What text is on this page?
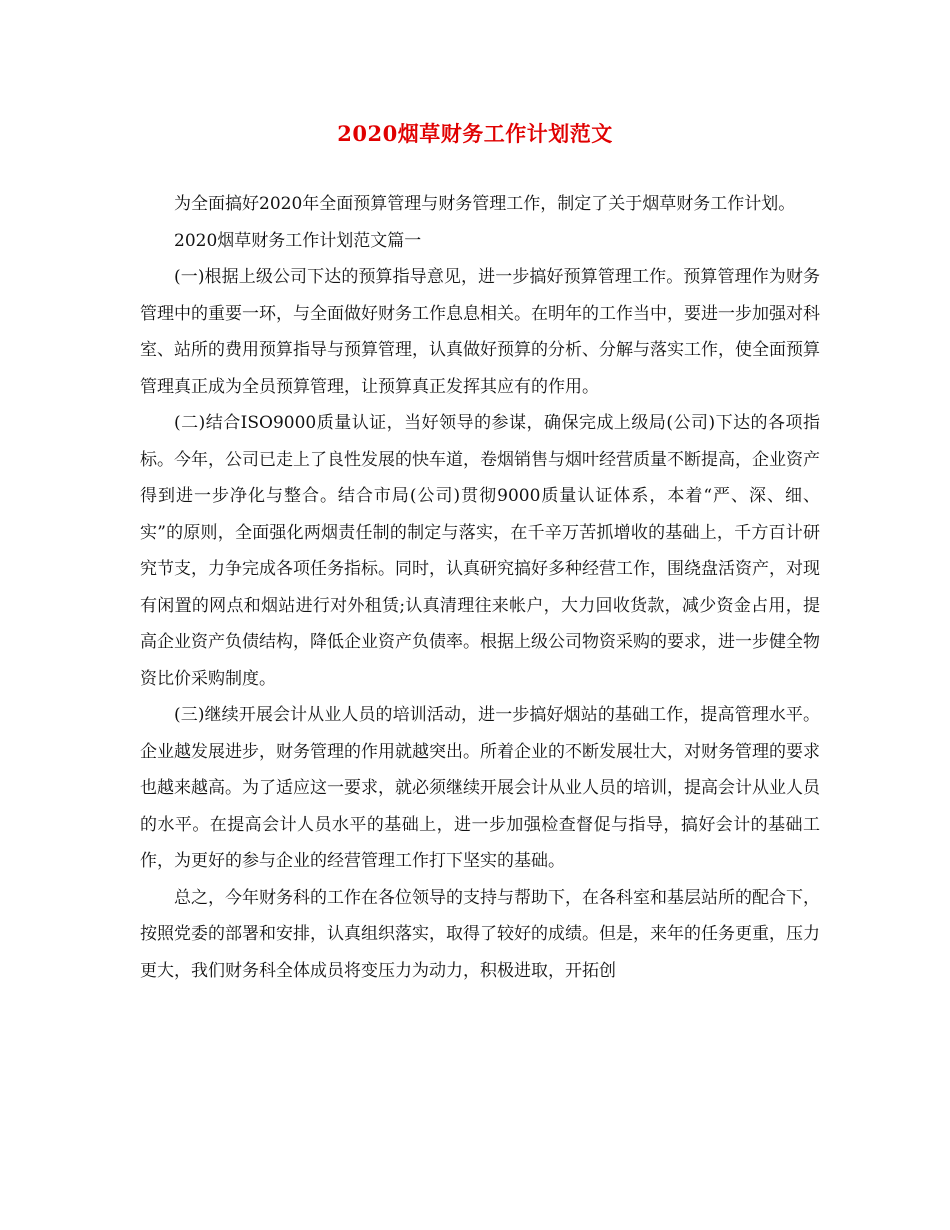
2020烟草财务工作计划范文

为全面搞好2020年全面预算管理与财务管理工作，制定了关于烟草财务工作计划。

2020烟草财务工作计划范文篇一

(一)根据上级公司下达的预算指导意见，进一步搞好预算管理工作。预算管理作为财务管理中的重要一环，与全面做好财务工作息息相关。在明年的工作当中，要进一步加强对科室、站所的费用预算指导与预算管理，认真做好预算的分析、分解与落实工作，使全面预算管理真正成为全员预算管理，让预算真正发挥其应有的作用。

(二)结合ISO9000质量认证，当好领导的参谋，确保完成上级局(公司)下达的各项指标。今年，公司已走上了良性发展的快车道，卷烟销售与烟叶经营质量不断提高，企业资产得到进一步净化与整合。结合市局(公司)贯彻9000质量认证体系，本着“严、深、细、实”的原则，全面强化两烟责任制的制定与落实，在千辛万苦抓增收的基础上，千方百计研究节支，力争完成各项任务指标。同时，认真研究搞好多种经营工作，围绕盘活资产，对现有闲置的网点和烟站进行对外租赁;认真清理往来帐户，大力回收货款，减少资金占用，提高企业资产负债结构，降低企业资产负债率。根据上级公司物资采购的要求，进一步健全物资比价采购制度。

(三)继续开展会计从业人员的培训活动，进一步搞好烟站的基础工作，提高管理水平。企业越发展进步，财务管理的作用就越突出。所着企业的不断发展壮大，对财务管理的要求也越来越高。为了适应这一要求，就必须继续开展会计从业人员的培训，提高会计从业人员的水平。在提高会计人员水平的基础上，进一步加强检查督促与指导，搞好会计的基础工作，为更好的参与企业的经营管理工作打下坚实的基础。

总之，今年财务科的工作在各位领导的支持与帮助下，在各科室和基层站所的配合下，按照党委的部署和安排，认真组织落实，取得了较好的成绩。但是，来年的任务更重，压力更大，我们财务科全体成员将变压力为动力，积极进取，开拓创
